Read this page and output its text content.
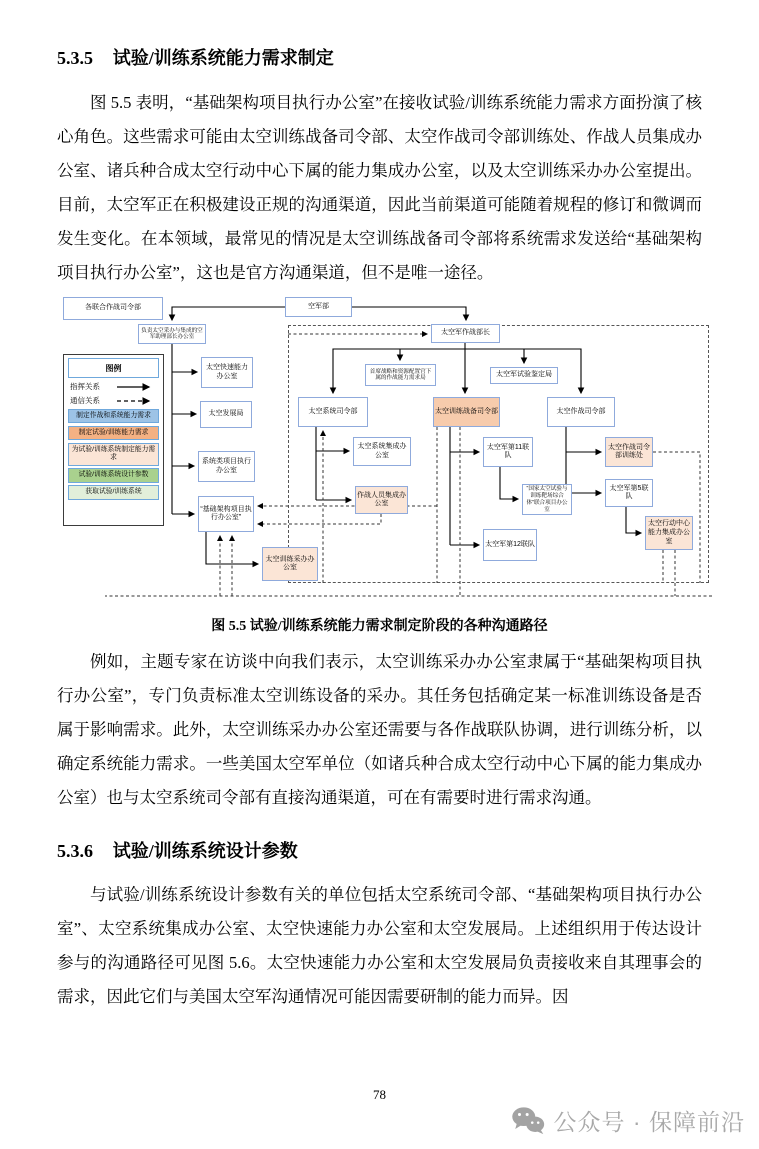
5.3.5 试验/训练系统能力需求制定
图 5.5 表明，“基础架构项目执行办公室”在接收试验/训练系统能力需求方面扮演了核心角色。这些需求可能由太空训练战备司令部、太空作战司令部训练处、作战人员集成办公室、诸兵种合成太空行动中心下属的能力集成办公室，以及太空训练采办办公室提出。目前，太空军正在积极建设正规的沟通渠道，因此当前渠道可能随着规程的修订和微调而发生变化。在本领域，最常见的情况是太空训练战备司令部将系统需求发送给“基础架构项目执行办公室”，这也是官方沟通渠道，但不是唯一途径。
图例
指挥关系
通信关系
制定作战和系统能力需求
制定试验/训练能力需求
为试验/训练系统制定能力需求
试验/训练系统设计参数
获取试验/训练系统
各联合作战司令部	空军部
负责太空采办与集成的空军助理部长办公室
太空快速能力办公室
太空发展局
系统类项目执行办公室
“基础架构项目执行办公室”
太空训练采办办公室
太空军作战部长
首席战略和资源配置官下属的作战能力需求局	太空军试验鉴定局
太空系统司令部	太空训练战备司令部	太空作战司令部
太空系统集成办公室
作战人员集成办公室
太空军第11联队
“国家太空试验与训练靶场综合体”联合项目办公室
太空军第12联队
太空作战司令部训练处
太空军第5联队
太空行动中心能力集成办公室
图 5.5 试验/训练系统能力需求制定阶段的各种沟通路径
例如，主题专家在访谈中向我们表示，太空训练采办办公室隶属于“基础架构项目执行办公室”，专门负责标准太空训练设备的采办。其任务包括确定某一标准训练设备是否属于影响需求。此外，太空训练采办办公室还需要与各作战联队协调，进行训练分析，以确定系统能力需求。一些美国太空军单位（如诸兵种合成太空行动中心下属的能力集成办公室）也与太空系统司令部有直接沟通渠道，可在有需要时进行需求沟通。
5.3.6 试验/训练系统设计参数
与试验/训练系统设计参数有关的单位包括太空系统司令部、“基础架构项目执行办公室”、太空系统集成办公室、太空快速能力办公室和太空发展局。上述组织用于传达设计参与的沟通路径可见图 5.6。太空快速能力办公室和太空发展局负责接收来自其理事会的需求，因此它们与美国太空军沟通情况可能因需要研制的能力而异。因
78
公众号 · 保障前沿
